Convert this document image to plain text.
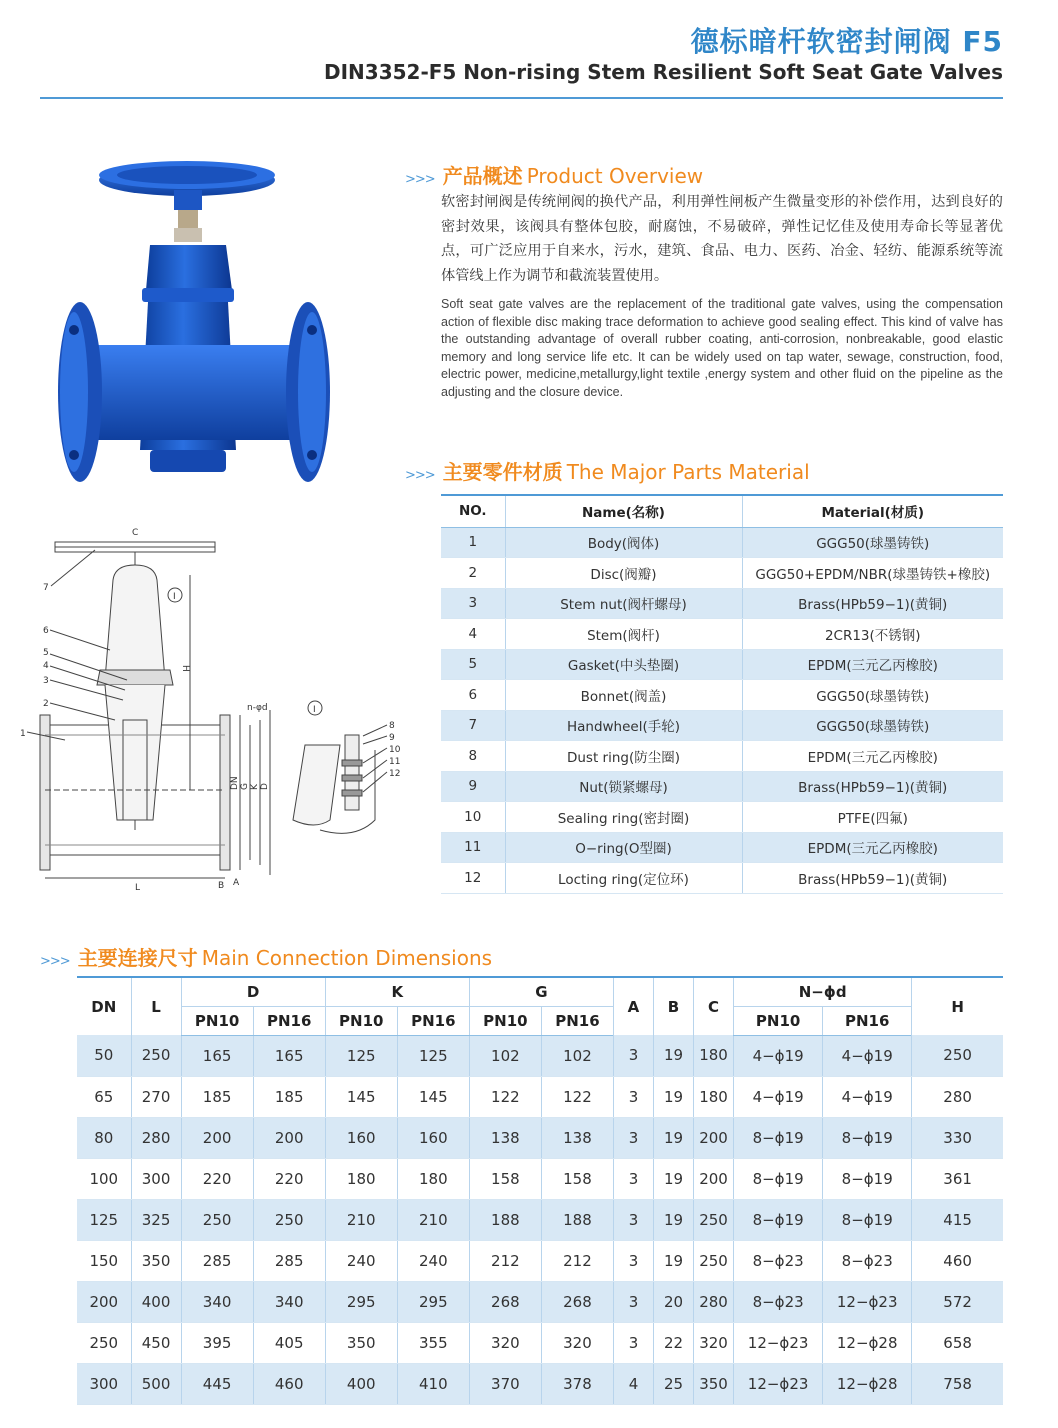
德标暗杆软密封闸阀 F5
DIN3352-F5 Non-rising Stem Resilient Soft Seat Gate Valves
C
H
DN G K D
B A
L
n-φd
1
2
3
4
5
6
7
I
I
8
9
10
11
12
>>> 产品概述 Product Overview
软密封闸阀是传统闸阀的换代产品，利用弹性闸板产生微量变形的补偿作用，达到良好的密封效果，该阀具有整体包胶，耐腐蚀，不易破碎，弹性记忆佳及使用寿命长等显著优点，可广泛应用于自来水，污水，建筑、食品、电力、医药、冶金、轻纺、能源系统等流体管线上作为调节和截流装置使用。
Soft seat gate valves are the replacement of the traditional gate valves, using the compensation action of flexible disc making trace deformation to achieve good sealing effect. This kind of valve has the outstanding advantage of overall rubber coating, anti-corrosion, nonbreakable, good elastic memory and long service life etc. It can be widely used on tap water, sewage, construction, food, electric power, medicine,metallurgy,light textile ,energy system and other fluid on the pipeline as the adjusting and the closure device.
>>> 主要零件材质 The Major Parts Material
NO.	Name(名称)	Material(材质)
1	Body(阀体)	GGG50(球墨铸铁)
2	Disc(阀瓣)	GGG50+EPDM/NBR(球墨铸铁+橡胶)
3	Stem nut(阀杆螺母)	Brass(HPb59−1)(黄铜)
4	Stem(阀杆)	2CR13(不锈钢)
5	Gasket(中头垫圈)	EPDM(三元乙丙橡胶)
6	Bonnet(阀盖)	GGG50(球墨铸铁)
7	Handwheel(手轮)	GGG50(球墨铸铁)
8	Dust ring(防尘圈)	EPDM(三元乙丙橡胶)
9	Nut(锁紧螺母)	Brass(HPb59−1)(黄铜)
10	Sealing ring(密封圈)	PTFE(四氟)
11	O−ring(O型圈)	EPDM(三元乙丙橡胶)
12	Locting ring(定位环)	Brass(HPb59−1)(黄铜)
>>> 主要连接尺寸 Main Connection Dimensions
DN	L	D		K		G		A	B	C	N−ϕd		H
		PN10	PN16	PN10	PN16	PN10	PN16				PN10	PN16	
50	250	165	165	125	125	102	102	3	19	180	4−ϕ19	4−ϕ19	250
65	270	185	185	145	145	122	122	3	19	180	4−ϕ19	4−ϕ19	280
80	280	200	200	160	160	138	138	3	19	200	8−ϕ19	8−ϕ19	330
100	300	220	220	180	180	158	158	3	19	200	8−ϕ19	8−ϕ19	361
125	325	250	250	210	210	188	188	3	19	250	8−ϕ19	8−ϕ19	415
150	350	285	285	240	240	212	212	3	19	250	8−ϕ23	8−ϕ23	460
200	400	340	340	295	295	268	268	3	20	280	8−ϕ23	12−ϕ23	572
250	450	395	405	350	355	320	320	3	22	320	12−ϕ23	12−ϕ28	658
300	500	445	460	400	410	370	378	4	25	350	12−ϕ23	12−ϕ28	758
